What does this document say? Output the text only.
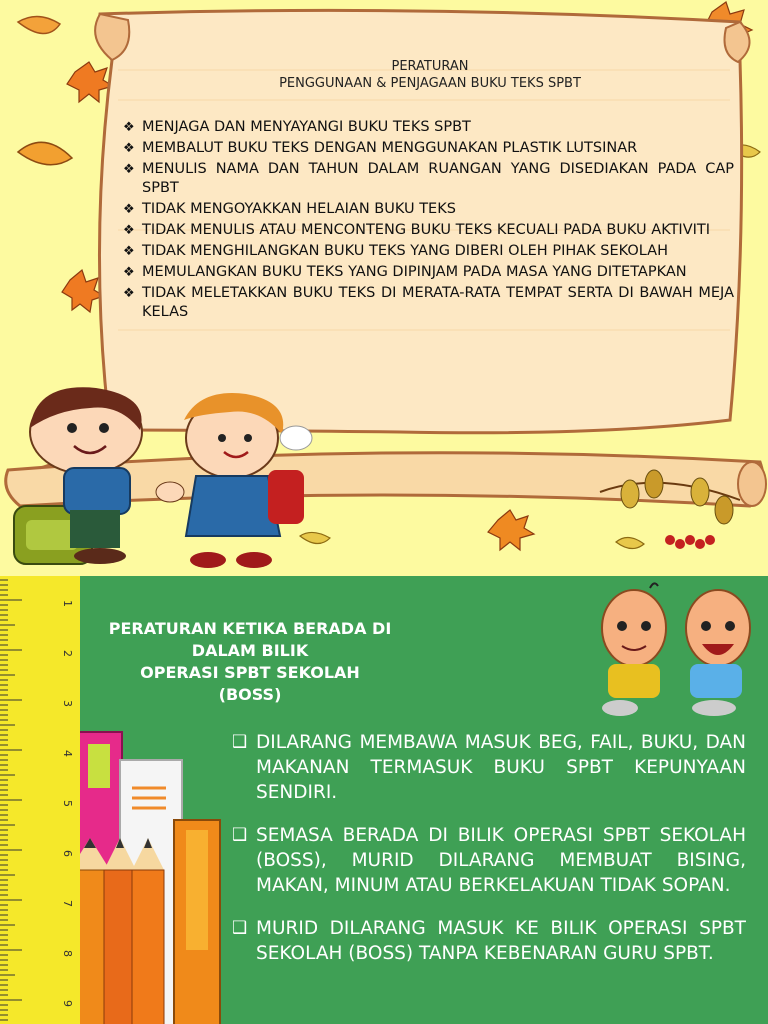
PERATURAN

PENGGUNAAN & PENJAGAAN BUKU TEKS SPBT

❖ MENJAGA DAN MENYAYANGI BUKU TEKS SPBT
❖ MEMBALUT BUKU TEKS DENGAN MENGGUNAKAN PLASTIK LUTSINAR
❖ MENULIS NAMA DAN TAHUN DALAM RUANGAN YANG DISEDIAKAN PADA CAP SPBT
❖ TIDAK MENGOYAKKAN HELAIAN BUKU TEKS
❖ TIDAK MENULIS ATAU MENCONTENG BUKU TEKS KECUALI PADA BUKU AKTIVITI
❖ TIDAK MENGHILANGKAN BUKU TEKS YANG DIBERI OLEH PIHAK SEKOLAH
❖ MEMULANGKAN BUKU TEKS YANG DIPINJAM PADA MASA YANG DITETAPKAN
❖ TIDAK MELETAKKAN BUKU TEKS DI MERATA-RATA TEMPAT SERTA DI BAWAH MEJA KELAS
1
2
3
4
5
6
7
8
9
PERATURAN KETIKA BERADA DI DALAM BILIK
OPERASI SPBT SEKOLAH
(BOSS)
❑ DILARANG MEMBAWA MASUK BEG, FAIL, BUKU, DAN MAKANAN TERMASUK BUKU SPBT KEPUNYAAN SENDIRI.
❑ SEMASA BERADA DI BILIK OPERASI SPBT SEKOLAH (BOSS), MURID DILARANG MEMBUAT BISING, MAKAN, MINUM ATAU BERKELAKUAN TIDAK SOPAN.
❑ MURID DILARANG MASUK KE BILIK OPERASI SPBT SEKOLAH (BOSS) TANPA KEBENARAN GURU SPBT.
